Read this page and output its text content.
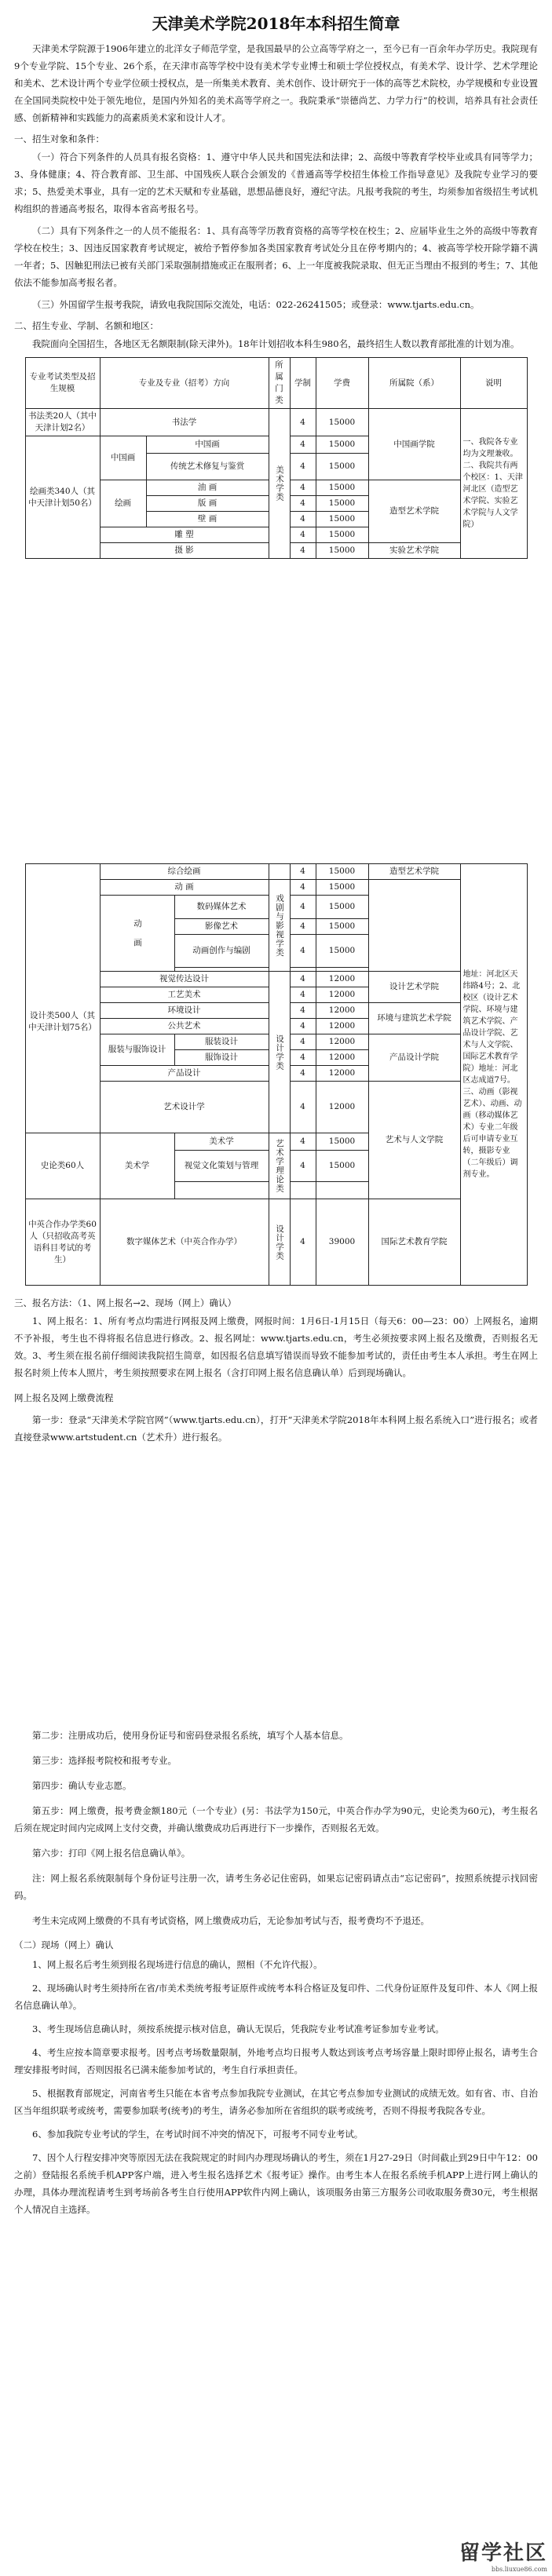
天津美术学院2018年本科招生简章

天津美术学院源于1906年建立的北洋女子师范学堂，是我国最早的公立高等学府之一，至今已有一百余年办学历史。我院现有9个专业学院、15个专业、26个系，在天津市高等学校中设有美术学专业博士和硕士学位授权点，有美术学、设计学、艺术学理论和美术、艺术设计两个专业学位硕士授权点，是一所集美术教育、美术创作、设计研究于一体的高等艺术院校，办学规模和专业设置在全国同类院校中处于领先地位，是国内外知名的美术高等学府之一。我院秉承“崇德尚艺、力学力行”的校训，培养具有社会责任感、创新精神和实践能力的高素质美术家和设计人才。

一、招生对象和条件：

（一）符合下列条件的人员具有报名资格：1、遵守中华人民共和国宪法和法律；2、高级中等教育学校毕业或具有同等学力；3、身体健康；4、符合教育部、卫生部、中国残疾人联合会颁发的《普通高等学校招生体检工作指导意见》及我院专业学习的要求；5、热爱美术事业，具有一定的艺术天赋和专业基础，思想品德良好，遵纪守法。凡报考我院的考生，均须参加省级招生考试机构组织的普通高考报名，取得本省高考报名号。

（二）具有下列条件之一的人员不能报名：1、具有高等学历教育资格的高等学校在校生；2、应届毕业生之外的高级中等教育学校在校生；3、因违反国家教育考试规定，被给予暂停参加各类国家教育考试处分且在停考期内的；4、被高等学校开除学籍不满一年者；5、因触犯刑法已被有关部门采取强制措施或正在服刑者；6、上一年度被我院录取、但无正当理由不报到的考生；7、其他依法不能参加高考报名者。

（三）外国留学生报考我院，请致电我院国际交流处，电话：022-26241505；或登录：www.tjarts.edu.cn。

二、招生专业、学制、名额和地区：

我院面向全国招生，各地区无名额限制(除天津外)。18年计划招收本科生980名，最终招生人数以教育部批准的计划为准。

专业考试类型及招生规模	专业及专业（招考）方向		所属门类	学制	学费	所属院（系）	说明
书法类20人（其中天津计划2名）	书法学		美术学类	4	15000	中国画学院	一、我院各专业均为文理兼收。二、我院共有两个校区：1、天津河北区（造型艺术学院、实验艺术学院与人文学院）
绘画类340人（其中天津计划50名）	中国画	中国画		4	15000		
		传统艺术修复与鉴赏		4	15000		
	绘画	油 画		4	15000	造型艺术学院	
		版 画		4	15000		
		壁 画		4	15000		
	雕 塑			4	15000		
	摄 影			4	15000	实验艺术学院	
设计类500人（其中天津计划75名）	综合绘画			4	15000	造型艺术学院	地址：河北区天纬路4号；2、北校区（设计艺术学院、环境与建筑艺术学院、产品设计学院、艺术与人文学院、国际艺术教育学院）地址：河北区志成道7号。三、动画（影视艺术）、动画、动画（移动媒体艺术）专业二年级后可申请专业互转，摄影专业（二年级后）调剂专业。
	动 画		戏剧与影视学类	4	15000		
	动 画	数码媒体艺术		4	15000		
		影像艺术		4	15000		
		动画创作与编剧		4	15000		

	视觉传达设计		设计学类	4	12000	设计艺术学院	
	工艺美术			4	12000		
	环境设计			4	12000	环境与建筑艺术学院	
	公共艺术			4	12000		
	服装与服饰设计	服装设计		4	12000	产品设计学院	
		服饰设计		4	12000		
	产品设计			4	12000		
	艺术设计学			4	12000	艺术与人文学院	

史论类60人	美术学	美术学	艺术学理论类	4	15000		
		视觉文化策划与管理		4	15000		

中英合作办学类60人（只招收高考英语科目考试的考生）	数字媒体艺术（中英合作办学）		设计学类	4	39000	国际艺术教育学院	

三、报名方法：（1、网上报名→2、现场（网上）确认）

1、网上报名：1、所有考点均需进行网报及网上缴费，网报时间：1月6日-1月15日（每天6：00—23：00）上网报名，逾期不予补报，考生也不得将报名信息进行修改。2、报名网址：www.tjarts.edu.cn，考生必须按要求网上报名及缴费，否则报名无效。3、考生须在报名前仔细阅读我院招生简章，如因报名信息填写错误而导致不能参加考试的，责任由考生本人承担。考生在网上报名时须上传本人照片，考生须按照要求在网上报名（含打印网上报名信息确认单）后到现场确认。

网上报名及网上缴费流程

第一步：登录“天津美术学院官网”（www.tjarts.edu.cn），打开“天津美术学院2018年本科网上报名系统入口”进行报名；或者直接登录www.artstudent.cn（艺术升）进行报名。

第二步：注册成功后，使用身份证号和密码登录报名系统，填写个人基本信息。

第三步：选择报考院校和报考专业。

第四步：确认专业志愿。

第五步：网上缴费，报考费金额180元（一个专业）(另：书法学为150元，中英合作办学为90元，史论类为60元)，考生报名后须在规定时间内完成网上支付交费，并确认缴费成功后再进行下一步操作，否则报名无效。

第六步：打印《网上报名信息确认单》。

注：网上报名系统限制每个身份证号注册一次，请考生务必记住密码，如果忘记密码请点击“忘记密码”，按照系统提示找回密码。

考生未完成网上缴费的不具有考试资格，网上缴费成功后，无论参加考试与否，报考费均不予退还。

（二）现场（网上）确认

1、网上报名后考生须到报名现场进行信息的确认，照相（不允许代报）。

2、现场确认时考生须持所在省/市美术类统考报考证原件或统考本科合格证及复印件、二代身份证原件及复印件、本人《网上报名信息确认单》。

3、考生现场信息确认时，须按系统提示核对信息，确认无误后，凭我院专业考试准考证参加专业考试。

4、考生应按本简章要求报考。因考点考场数量限制，外地考点均日报考人数达到该考点考场容量上限时即停止报名，请考生合理安排报考时间，否则因报名已满未能参加考试的，考生自行承担责任。

5、根据教育部规定，河南省考生只能在本省考点参加我院专业测试，在其它考点参加专业测试的成绩无效。如有省、市、自治区当年组织联考或统考，需要参加联考(统考)的考生，请务必参加所在省组织的联考或统考，否则不得报考我院各专业。

6、参加我院专业考试的学生，在考试时间不冲突的情况下，可报考不同专业考试。

7、因个人行程安排冲突等原因无法在我院规定的时间内办理现场确认的考生，须在1月27-29日（时间截止到29日中午12：00之前）登陆报名系统手机APP客户端，进入考生报名选择艺术《报考证》操作。由考生本人在报名系统手机APP上进行网上确认的办理，具体办理流程请考生到考场前各考生自行使用APP软件内网上确认，该项服务由第三方服务公司收取服务费30元，考生根据个人情况自主选择。

留学社区
bbs.liuxue86.com
